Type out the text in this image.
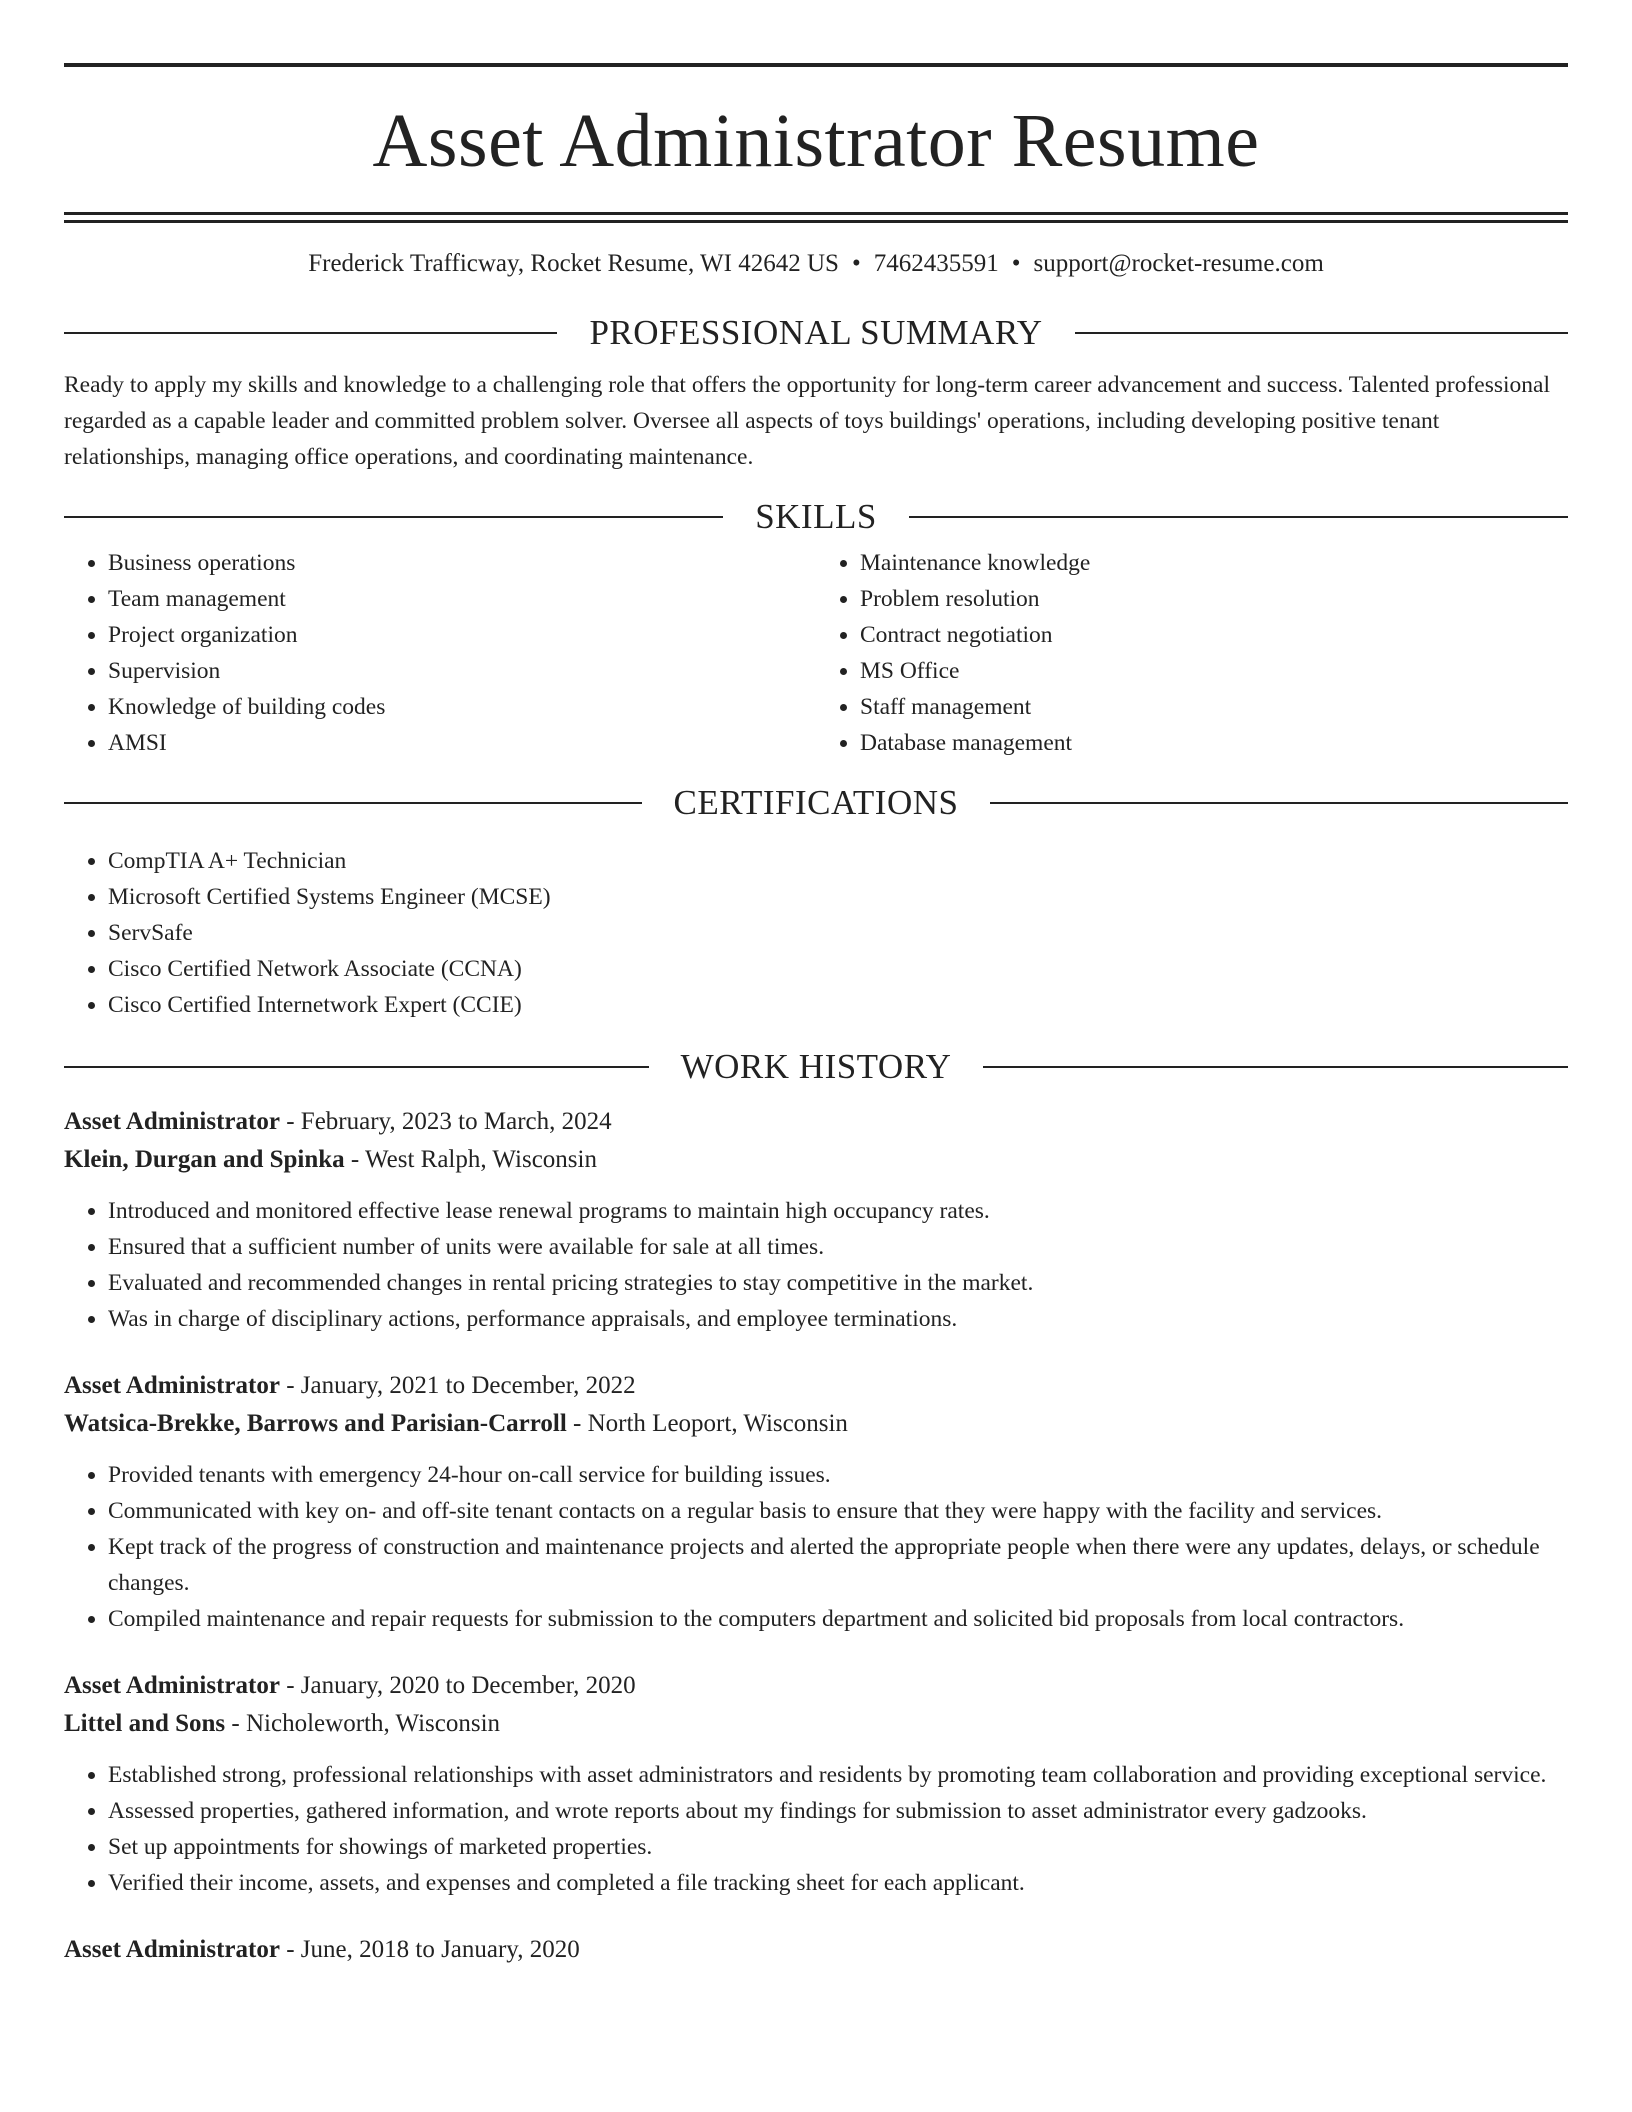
Asset Administrator Resume
Frederick Trafficway, Rocket Resume, WI 42642 US • 7462435591 • support@rocket-resume.com
PROFESSIONAL SUMMARY

Ready to apply my skills and knowledge to a challenging role that offers the opportunity for long-term career advancement and success. Talented professional regarded as a capable leader and committed problem solver. Oversee all aspects of toys buildings' operations, including developing positive tenant relationships, managing office operations, and coordinating maintenance.

SKILLS
• Business operations
• Team management
• Project organization
• Supervision
• Knowledge of building codes
• AMSI
• Maintenance knowledge
• Problem resolution
• Contract negotiation
• MS Office
• Staff management
• Database management
CERTIFICATIONS
• CompTIA A+ Technician
• Microsoft Certified Systems Engineer (MCSE)
• ServSafe
• Cisco Certified Network Associate (CCNA)
• Cisco Certified Internetwork Expert (CCIE)
WORK HISTORY
Asset Administrator - February, 2023 to March, 2024
Klein, Durgan and Spinka - West Ralph, Wisconsin
• Introduced and monitored effective lease renewal programs to maintain high occupancy rates.
• Ensured that a sufficient number of units were available for sale at all times.
• Evaluated and recommended changes in rental pricing strategies to stay competitive in the market.
• Was in charge of disciplinary actions, performance appraisals, and employee terminations.
Asset Administrator - January, 2021 to December, 2022
Watsica-Brekke, Barrows and Parisian-Carroll - North Leoport, Wisconsin
• Provided tenants with emergency 24-hour on-call service for building issues.
• Communicated with key on- and off-site tenant contacts on a regular basis to ensure that they were happy with the facility and services.
• Kept track of the progress of construction and maintenance projects and alerted the appropriate people when there were any updates, delays, or schedule changes.
• Compiled maintenance and repair requests for submission to the computers department and solicited bid proposals from local contractors.
Asset Administrator - January, 2020 to December, 2020
Littel and Sons - Nicholeworth, Wisconsin
• Established strong, professional relationships with asset administrators and residents by promoting team collaboration and providing exceptional service.
• Assessed properties, gathered information, and wrote reports about my findings for submission to asset administrator every gadzooks.
• Set up appointments for showings of marketed properties.
• Verified their income, assets, and expenses and completed a file tracking sheet for each applicant.
Asset Administrator - June, 2018 to January, 2020
